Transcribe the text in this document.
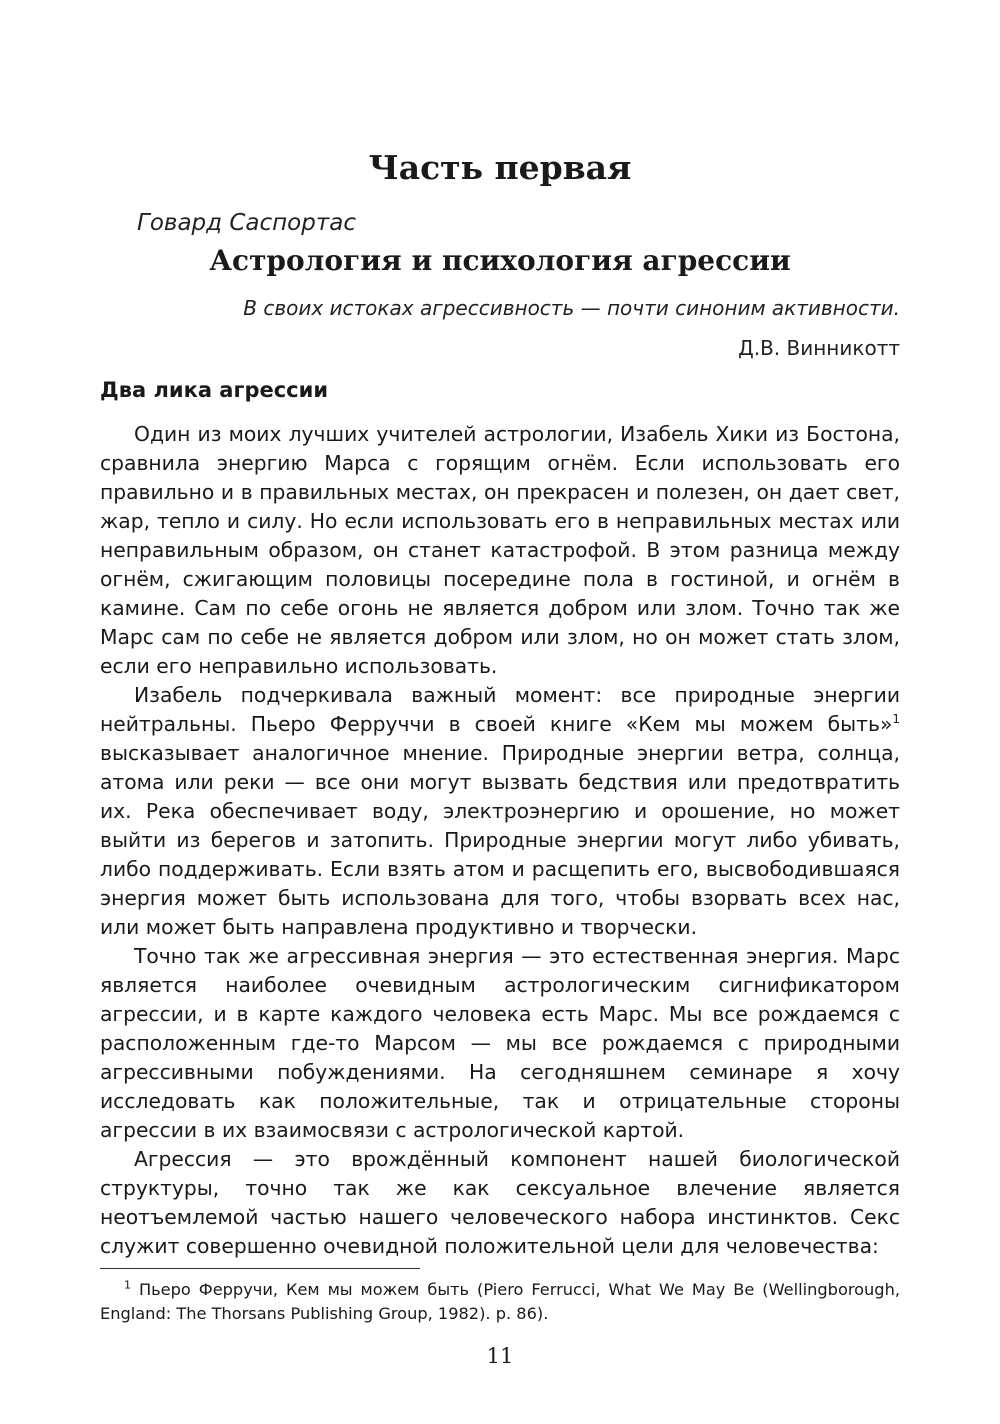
Часть первая

Говард Саспортас

Астрология и психология агрессии

В своих истоках агрессивность — почти синоним активности.

Д.В. Винникотт

Два лика агрессии

Один из моих лучших учителей астрологии, Изабель Хики из Бостона, сравнила энергию Марса с горящим огнём. Если использовать его правильно и в правильных местах, он прекрасен и полезен, он дает свет, жар, тепло и силу. Но если использовать его в неправильных местах или неправильным образом, он станет катастрофой. В этом разница между огнём, сжигающим половицы посередине пола в гостиной, и огнём в камине. Сам по себе огонь не является добром или злом. Точно так же Марс сам по себе не является добром или злом, но он может стать злом, если его неправильно использовать.

Изабель подчеркивала важный момент: все природные энергии нейтральны. Пьеро Ферруччи в своей книге «Кем мы можем быть»$^1$ высказывает аналогичное мнение. Природные энергии ветра, солнца, атома или реки — все они могут вызвать бедствия или предотвратить их. Река обеспечивает воду, электроэнергию и орошение, но может выйти из берегов и затопить. Природные энергии могут либо убивать, либо поддерживать. Если взять атом и расщепить его, высвободившаяся энергия может быть использована для того, чтобы взорвать всех нас, или может быть направлена продуктивно и творчески.

Точно так же агрессивная энергия — это естественная энергия. Марс является наиболее очевидным астрологическим сигнификатором агрессии, и в карте каждого человека есть Марс. Мы все рождаемся с расположенным где-то Марсом — мы все рождаемся с природными агрессивными побуждениями. На сегодняшнем семинаре я хочу исследовать как положительные, так и отрицательные стороны агрессии в их взаимосвязи с астрологической картой.

Агрессия — это врождённый компонент нашей биологической структуры, точно так же как сексуальное влечение является неотъемлемой частью нашего человеческого набора инстинктов. Секс служит совершенно очевидной положительной цели для человечества:

$^1$ Пьеро Ферручи, Кем мы можем быть (Piero Ferrucci, What We May Be (Wellingborough, England: The Thorsans Publishing Group, 1982). p. 86).

11
